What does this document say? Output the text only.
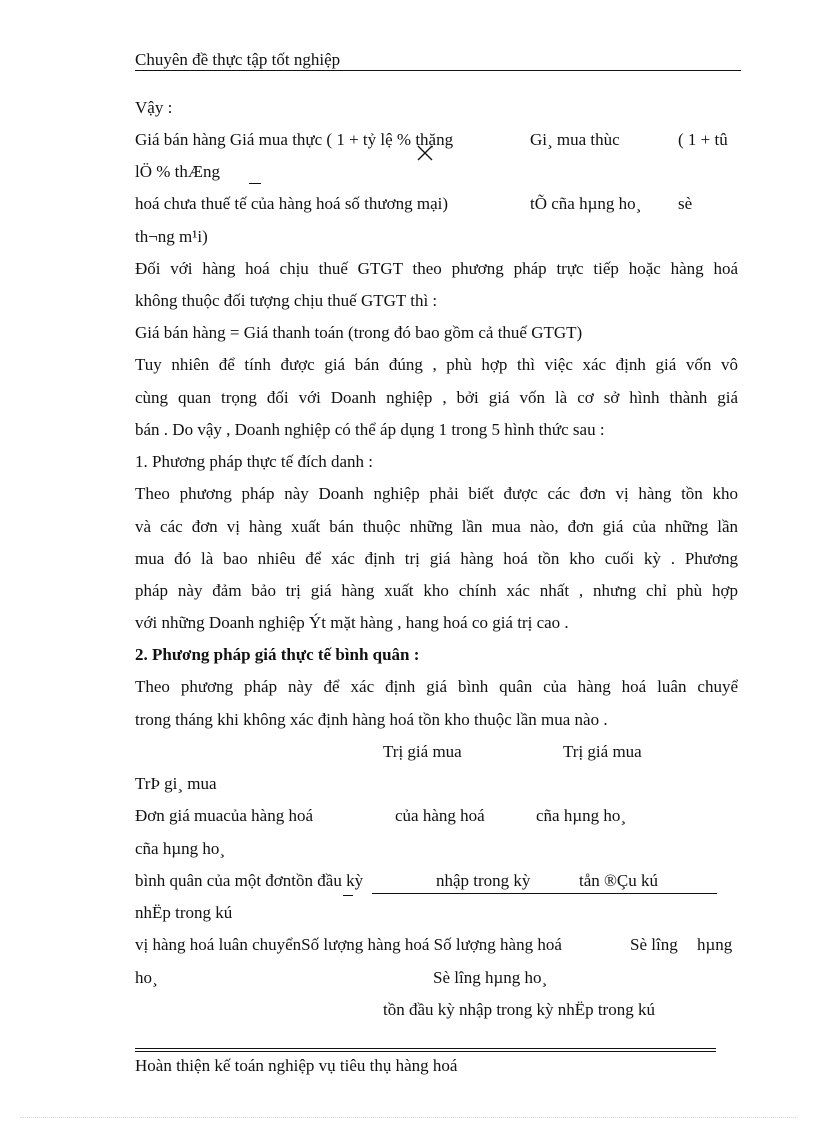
Chuyên đề thực tập tốt nghiệp
Vậy :
Giá bán hàng Giá mua thực ( 1 + tỷ lệ % thặng	Gi¸ mua thùc	( 1 + tû
lÖ % thÆng
hoá chưa thuế tế của hàng hoá số thương mại)	tÕ cña hµng ho¸ sè
th¬ng m¹i)
Đối với hàng hoá chịu thuế GTGT theo phương pháp trực tiếp hoặc hàng hoá
không thuộc đối tượng chịu thuế GTGT thì :
Giá bán hàng = Giá thanh toán (trong đó bao gồm cả thuế GTGT)
Tuy nhiên để tính được giá bán đúng , phù hợp thì việc xác định giá vốn vô
cùng quan trọng đối với Doanh nghiệp , bởi giá vốn là cơ sở hình thành giá
bán . Do vậy , Doanh nghiệp có thể áp dụng 1 trong 5 hình thức sau :
1. Phương pháp thực tế đích danh :
Theo phương pháp này Doanh nghiệp phải biết được các đơn vị hàng tồn kho
và các đơn vị hàng xuất bán thuộc những lần mua nào, đơn giá của những lần
mua đó là bao nhiêu để xác định trị giá hàng hoá tồn kho cuối kỳ . Phương
pháp này đảm bảo trị giá hàng xuất kho chính xác nhất , nhưng chỉ phù hợp
với những Doanh nghiệp Ýt mặt hàng , hang hoá co giá trị cao .
2. Phương pháp giá thực tế bình quân :
Theo phương pháp này để xác định giá bình quân của hàng hoá luân chuyể
trong tháng khi không xác định hàng hoá tồn kho thuộc lần mua nào .
Trị giá mua	Trị giá mua
TrÞ gi¸ mua
Đơn giá muacủa hàng hoá	của hàng hoá	cña hµng ho¸
cña hµng ho¸
bình quân của một đơntồn đầu kỳ	nhập trong kỳ	tån ®Çu kú
nhËp trong kú
vị hàng hoá luân chuyểnSố lượng hàng hoá Số lượng hàng hoá	Sè lîng hµng
ho¸	Sè lîng hµng ho¸
tồn đầu kỳ nhập trong kỳ nhËp trong kú
Hoàn thiện kế toán nghiệp vụ tiêu thụ hàng hoá
